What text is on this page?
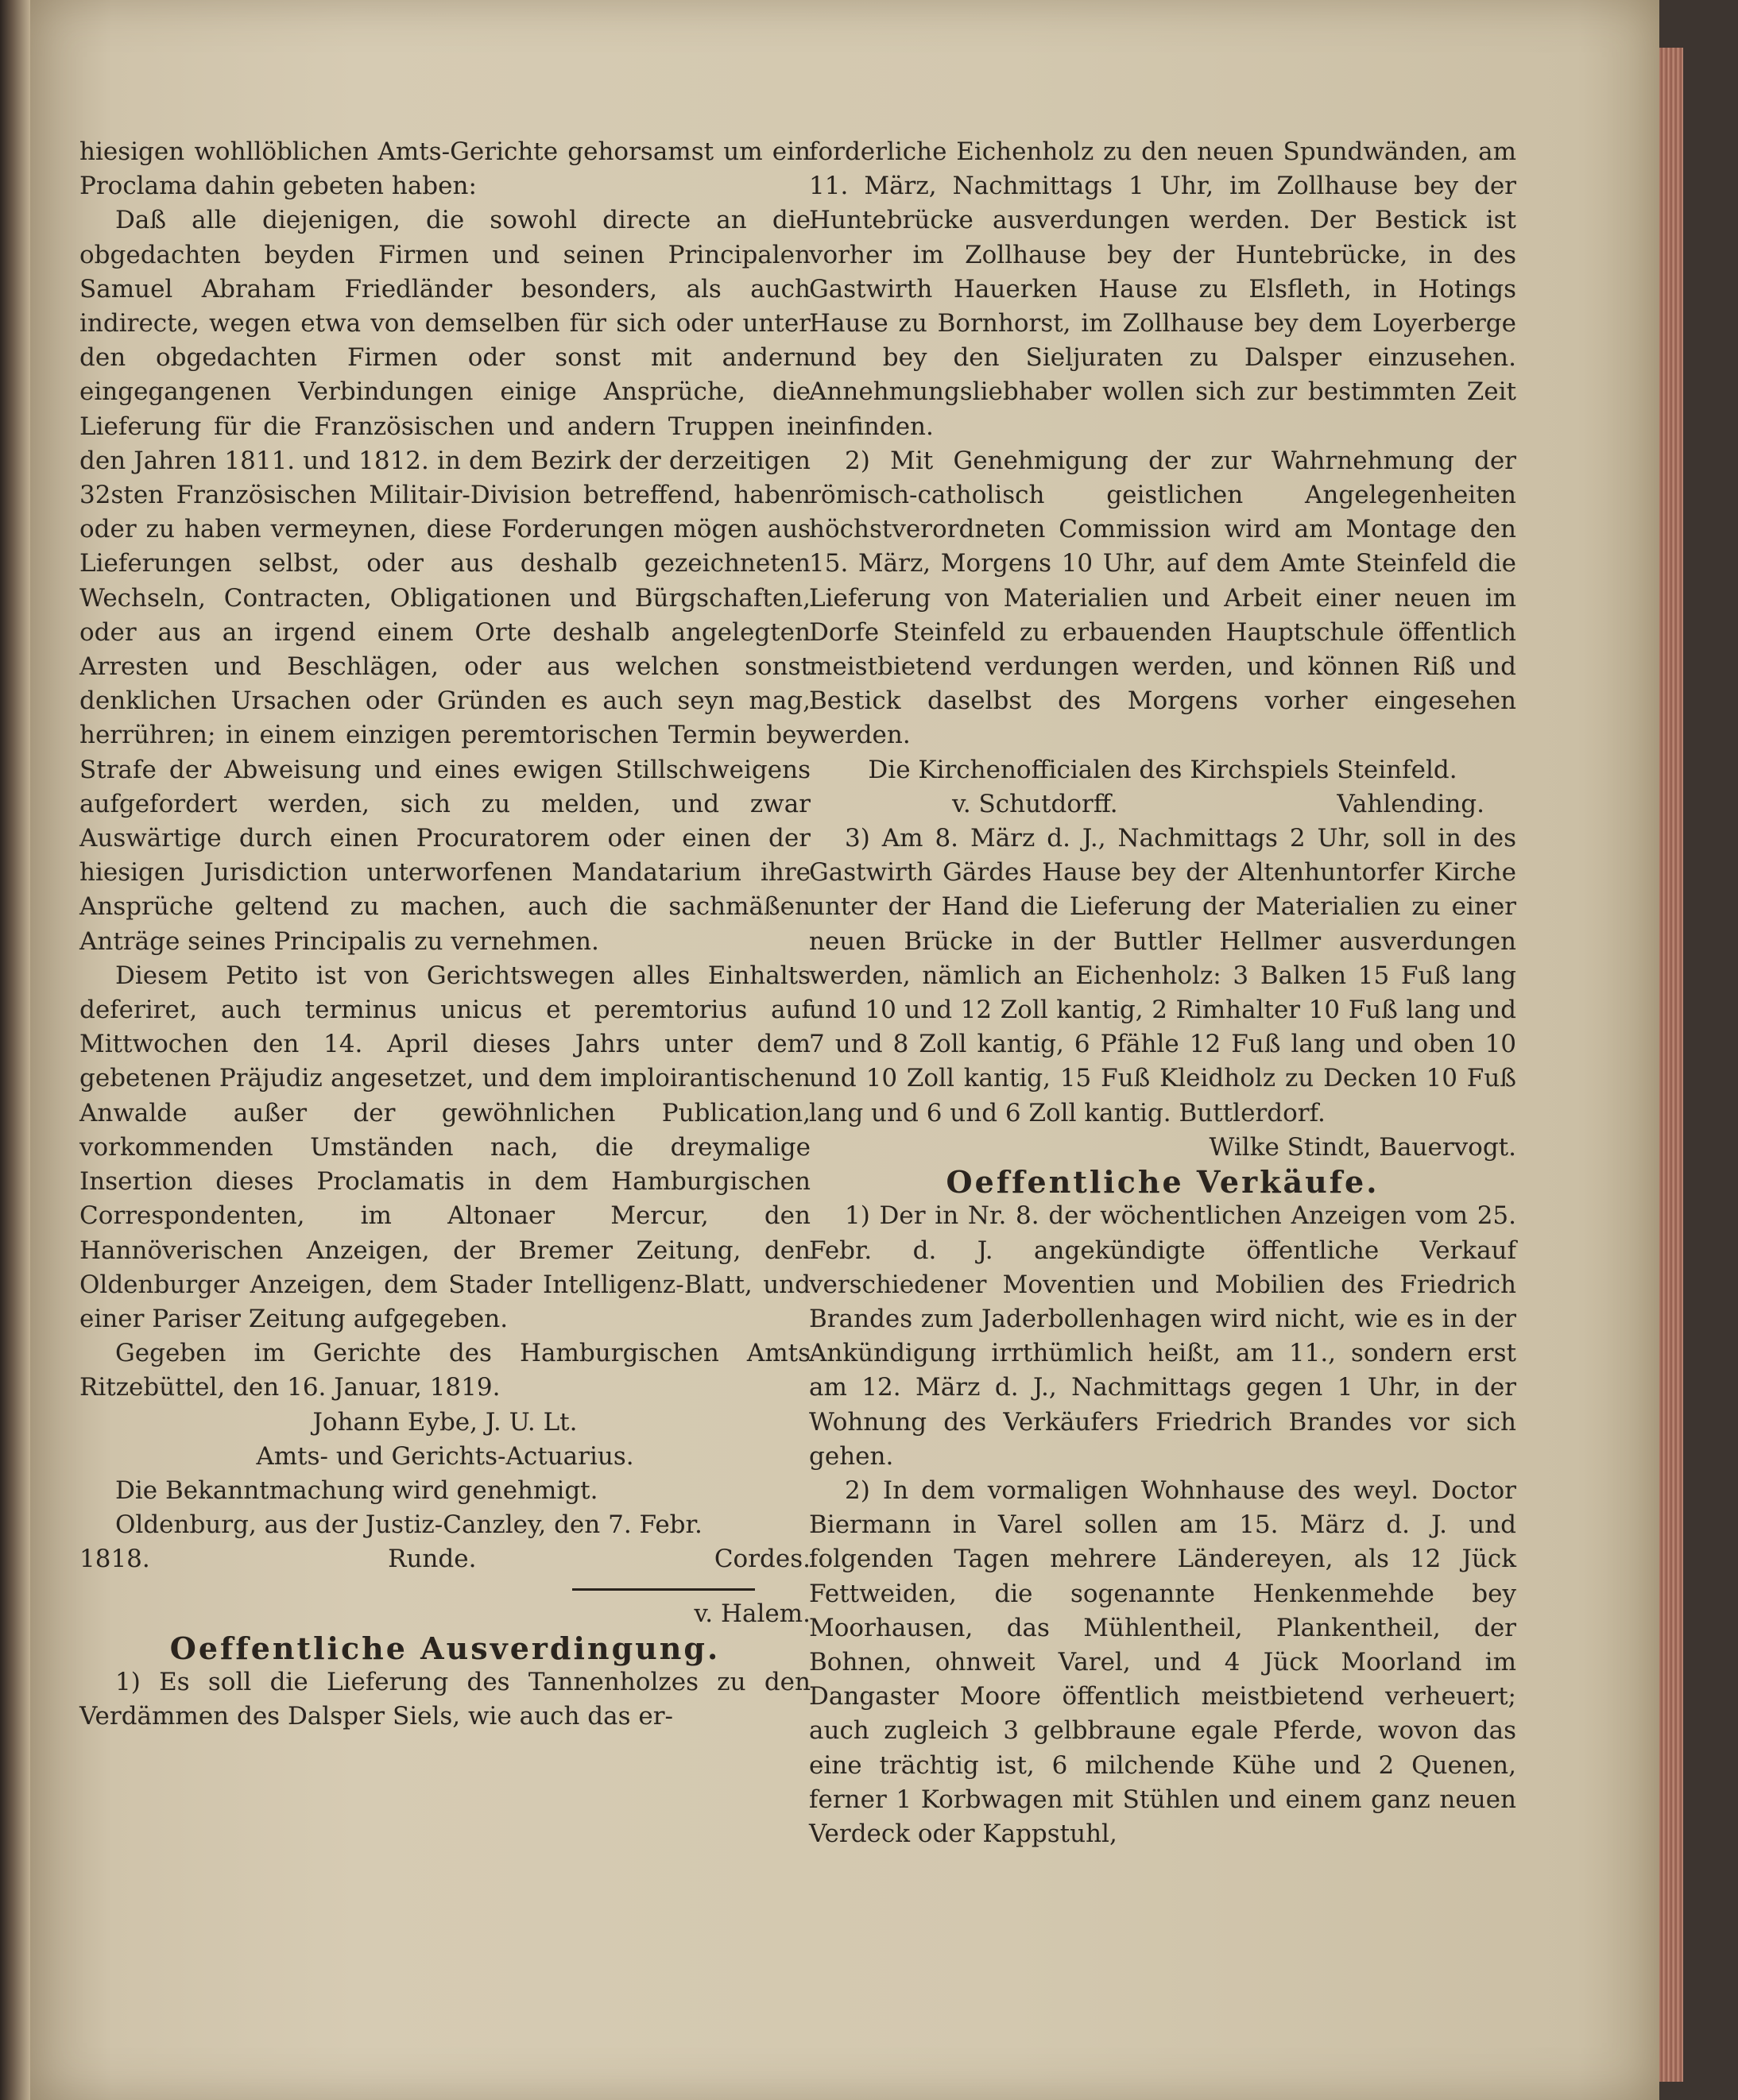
hiesigen wohllöblichen Amts-Gerichte gehorsamst um ein Proclama dahin gebeten haben:

Daß alle diejenigen, die sowohl directe an die obgedachten beyden Firmen und seinen Principalen Samuel Abraham Friedländer besonders, als auch indirecte, wegen etwa von demselben für sich oder unter den obgedachten Firmen oder sonst mit andern eingegangenen Verbindungen einige Ansprüche, die Lieferung für die Französischen und andern Truppen in den Jahren 1811. und 1812. in dem Bezirk der derzeitigen 32sten Französischen Militair-Division betreffend, haben oder zu haben vermeynen, diese Forderungen mögen aus Lieferungen selbst, oder aus deshalb gezeichneten Wechseln, Contracten, Obligationen und Bürgschaften, oder aus an irgend einem Orte deshalb angelegten Arresten und Beschlägen, oder aus welchen sonst denklichen Ursachen oder Gründen es auch seyn mag, herrühren; in einem einzigen peremtorischen Termin bey Strafe der Abweisung und eines ewigen Stillschweigens aufgefordert werden, sich zu melden, und zwar Auswärtige durch einen Procuratorem oder einen der hiesigen Jurisdiction unterworfenen Mandatarium ihre Ansprüche geltend zu machen, auch die sachmäßen Anträge seines Principalis zu vernehmen.

Diesem Petito ist von Gerichtswegen alles Einhalts deferiret, auch terminus unicus et peremtorius auf Mittwochen den 14. April dieses Jahrs unter dem gebetenen Präjudiz angesetzet, und dem imploirantischen Anwalde außer der gewöhnlichen Publication, vorkommenden Umständen nach, die dreymalige Insertion dieses Proclamatis in dem Hamburgischen Correspondenten, im Altonaer Mercur, den Hannöverischen Anzeigen, der Bremer Zeitung, den Oldenburger Anzeigen, dem Stader Intelligenz-Blatt, und einer Pariser Zeitung aufgegeben.

Gegeben im Gerichte des Hamburgischen Amts Ritzebüttel, den 16. Januar, 1819.

Johann Eybe, J. U. Lt.

Amts- und Gerichts-Actuarius.

Die Bekanntmachung wird genehmigt.

Oldenburg, aus der Justiz-Canzley, den 7. Febr.

1818.	Runde.	Cordes.

v. Halem.

Oeffentliche Ausverdingung.

1) Es soll die Lieferung des Tannenholzes zu den Verdämmen des Dalsper Siels, wie auch das er-

forderliche Eichenholz zu den neuen Spundwänden, am 11. März, Nachmittags 1 Uhr, im Zollhause bey der Huntebrücke ausverdungen werden. Der Bestick ist vorher im Zollhause bey der Huntebrücke, in des Gastwirth Hauerken Hause zu Elsfleth, in Hotings Hause zu Bornhorst, im Zollhause bey dem Loyerberge und bey den Sieljuraten zu Dalsper einzusehen. Annehmungsliebhaber wollen sich zur bestimmten Zeit einfinden.

2) Mit Genehmigung der zur Wahrnehmung der römisch-catholisch geistlichen Angelegenheiten höchstverordneten Commission wird am Montage den 15. März, Morgens 10 Uhr, auf dem Amte Steinfeld die Lieferung von Materialien und Arbeit einer neuen im Dorfe Steinfeld zu erbauenden Hauptschule öffentlich meistbietend verdungen werden, und können Riß und Bestick daselbst des Morgens vorher eingesehen werden.

Die Kirchenofficialen des Kirchspiels Steinfeld.

v. Schutdorff.	Vahlending.

3) Am 8. März d. J., Nachmittags 2 Uhr, soll in des Gastwirth Gärdes Hause bey der Altenhuntorfer Kirche unter der Hand die Lieferung der Materialien zu einer neuen Brücke in der Buttler Hellmer ausverdungen werden, nämlich an Eichenholz: 3 Balken 15 Fuß lang und 10 und 12 Zoll kantig, 2 Rimhalter 10 Fuß lang und 7 und 8 Zoll kantig, 6 Pfähle 12 Fuß lang und oben 10 und 10 Zoll kantig, 15 Fuß Kleidholz zu Decken 10 Fuß lang und 6 und 6 Zoll kantig. Buttlerdorf.

Wilke Stindt, Bauervogt.

Oeffentliche Verkäufe.

1) Der in Nr. 8. der wöchentlichen Anzeigen vom 25. Febr. d. J. angekündigte öffentliche Verkauf verschiedener Moventien und Mobilien des Friedrich Brandes zum Jaderbollenhagen wird nicht, wie es in der Ankündigung irrthümlich heißt, am 11., sondern erst am 12. März d. J., Nachmittags gegen 1 Uhr, in der Wohnung des Verkäufers Friedrich Brandes vor sich gehen.

2) In dem vormaligen Wohnhause des weyl. Doctor Biermann in Varel sollen am 15. März d. J. und folgenden Tagen mehrere Ländereyen, als 12 Jück Fettweiden, die sogenannte Henkenmehde bey Moorhausen, das Mühlentheil, Plankentheil, der Bohnen, ohnweit Varel, und 4 Jück Moorland im Dangaster Moore öffentlich meistbietend verheuert; auch zugleich 3 gelbbraune egale Pferde, wovon das eine trächtig ist, 6 milchende Kühe und 2 Quenen, ferner 1 Korbwagen mit Stühlen und einem ganz neuen Verdeck oder Kappstuhl,
